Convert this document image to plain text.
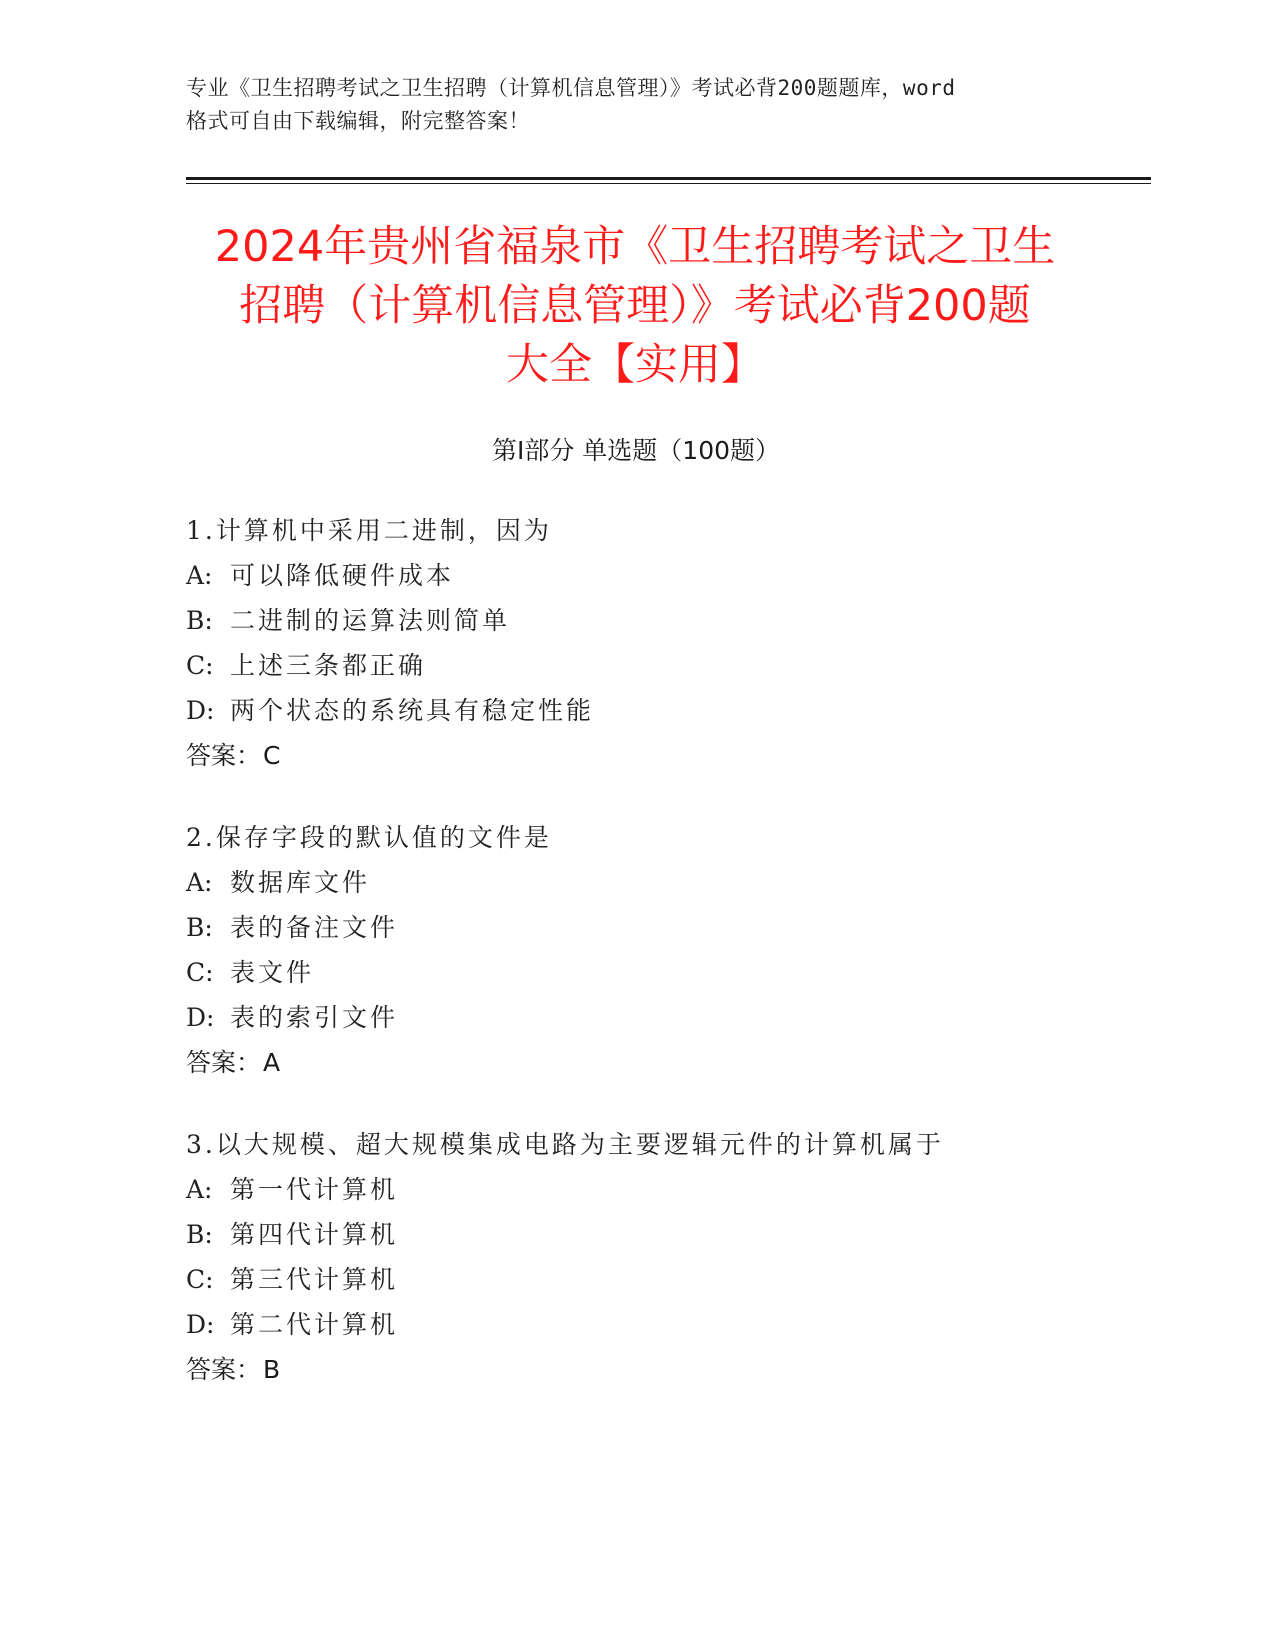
专业《卫生招聘考试之卫生招聘（计算机信息管理）》考试必背200题题库，word
格式可自由下载编辑，附完整答案！
2024年贵州省福泉市《卫生招聘考试之卫生
招聘（计算机信息管理）》考试必背200题
大全【实用】
第Ⅰ部分 单选题（100题）
1.计算机中采用二进制，因为
A: 可以降低硬件成本
B: 二进制的运算法则简单
C: 上述三条都正确
D: 两个状态的系统具有稳定性能
答案：C
2.保存字段的默认值的文件是
A: 数据库文件
B: 表的备注文件
C: 表文件
D: 表的索引文件
答案：A
3.以大规模、超大规模集成电路为主要逻辑元件的计算机属于
A: 第一代计算机
B: 第四代计算机
C: 第三代计算机
D: 第二代计算机
答案：B
